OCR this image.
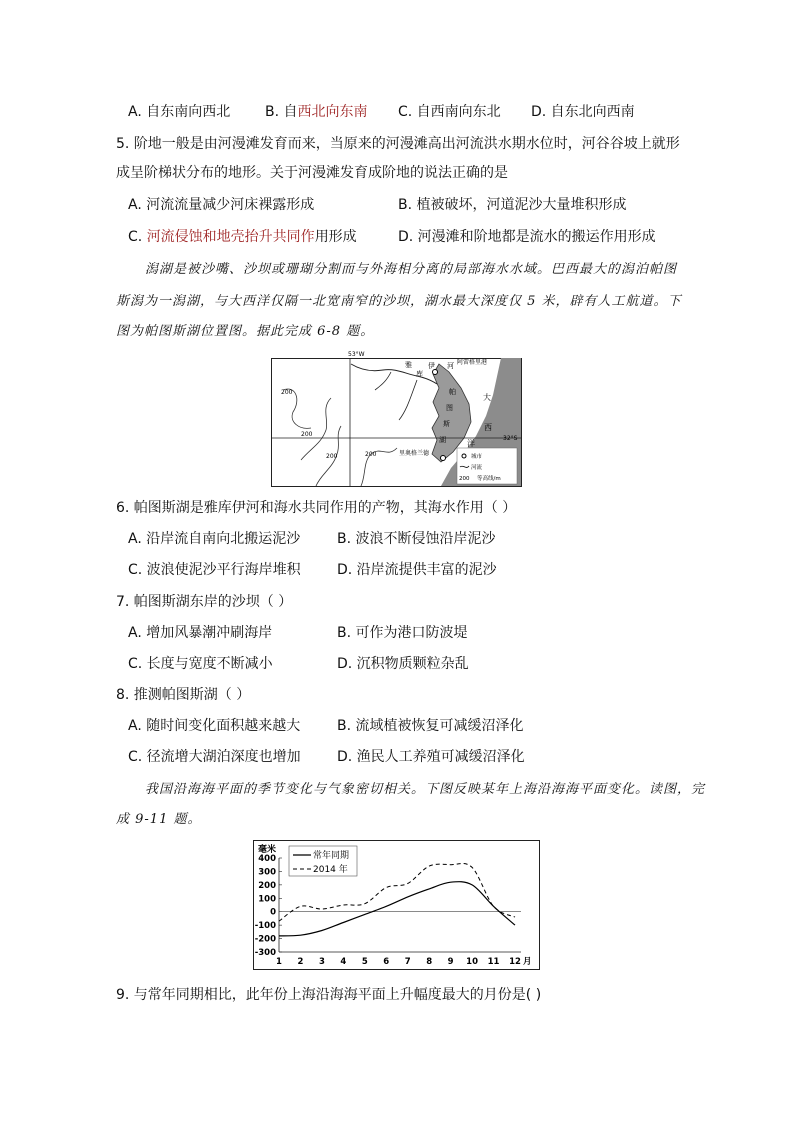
A. 自东南向西北 B. 自西北向东南 C. 自西南向东北 D. 自东北向西南
5. 阶地一般是由河漫滩发育而来，当原来的河漫滩高出河流洪水期水位时，河谷谷坡上就形
成呈阶梯状分布的地形。关于河漫滩发育成阶地的说法正确的是
A. 河流流量减少河床裸露形成	B. 植被破坏，河道泥沙大量堆积形成
C. 河流侵蚀和地壳抬升共同作用形成	D. 河漫滩和阶地都是流水的搬运作用形成
潟湖是被沙嘴、沙坝或珊瑚分割而与外海相分离的局部海水水域。巴西最大的潟泊帕图
斯潟为一潟湖，与大西洋仅隔一北宽南窄的沙坝，湖水最大深度仅 5 米，辟有人工航道。下
图为帕图斯湖位置图。据此完成 6-8 题。
53°W
32°S
雅
库
伊 河 阿雷格里港
帕
图
斯
湖
大
西
洋
里奥格兰德
200
200
200	200	城市
河流
200 等高线/m
6. 帕图斯湖是雅库伊河和海水共同作用的产物，其海水作用（ ）
A. 沿岸流自南向北搬运泥沙	B. 波浪不断侵蚀沿岸泥沙
C. 波浪使泥沙平行海岸堆积	D. 沿岸流提供丰富的泥沙
7. 帕图斯湖东岸的沙坝（ ）
A. 增加风暴潮冲刷海岸	B. 可作为港口防波堤
C. 长度与宽度不断减小	D. 沉积物质颗粒杂乱
8. 推测帕图斯湖（ ）
A. 随时间变化面积越来越大	B. 流域植被恢复可减缓沼泽化
C. 径流增大湖泊深度也增加	D. 渔民人工养殖可减缓沼泽化
我国沿海海平面的季节变化与气象密切相关。下图反映某年上海沿海海平面变化。读图，完
成 9-11 题。
毫米
400
300
200
100
0
-100
-200
-300
1 2 3 4 5 6 7 8 9 10 11 12 月
常年同期
2014 年
9. 与常年同期相比，此年份上海沿海海平面上升幅度最大的月份是( )
